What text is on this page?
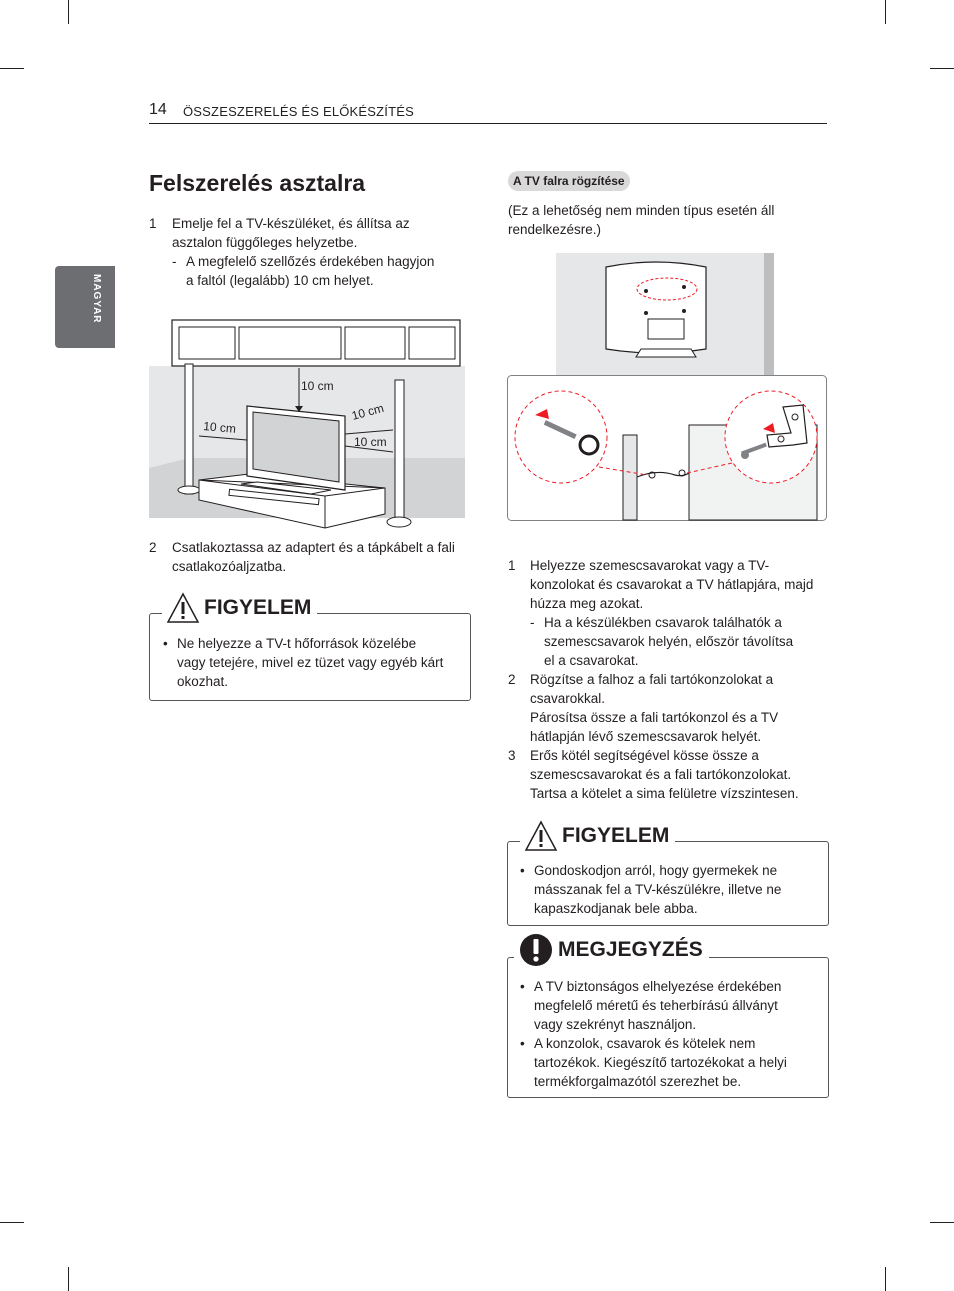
14 ÖSSZESZERELÉS ÉS ELŐKÉSZÍTÉS
MAGYAR
Felszerelés asztalra
1 Emelje fel a TV-készüléket, és állítsa az
asztalon függőleges helyzetbe.
- A megfelelő szellőzés érdekében hagyjon
a faltól (legalább) 10 cm helyet.
10 cm
10 cm
10 cm
10 cm
2 Csatlakoztassa az adaptert és a tápkábelt a fali
csatlakozóaljzatba.
FIGYELEM
• Ne helyezze a TV-t hőforrások közelébe
vagy tetejére, mivel ez tüzet vagy egyéb kárt
okozhat.
A TV falra rögzítése
(Ez a lehetőség nem minden típus esetén áll
rendelkezésre.)
1 Helyezze szemescsavarokat vagy a TV-
konzolokat és csavarokat a TV hátlapjára, majd
húzza meg azokat.
- Ha a készülékben csavarok találhatók a
szemescsavarok helyén, először távolítsa
el a csavarokat.
2 Rögzítse a falhoz a fali tartókonzolokat a
csavarokkal.
Párosítsa össze a fali tartókonzol és a TV
hátlapján lévő szemescsavarok helyét.
3 Erős kötél segítségével kösse össze a
szemescsavarokat és a fali tartókonzolokat.
Tartsa a kötelet a sima felületre vízszintesen.
FIGYELEM
• Gondoskodjon arról, hogy gyermekek ne
másszanak fel a TV-készülékre, illetve ne
kapaszkodjanak bele abba.
MEGJEGYZÉS
• A TV biztonságos elhelyezése érdekében
megfelelő méretű és teherbírású állványt
vagy szekrényt használjon.
• A konzolok, csavarok és kötelek nem
tartozékok. Kiegészítő tartozékokat a helyi
termékforgalmazótól szerezhet be.
